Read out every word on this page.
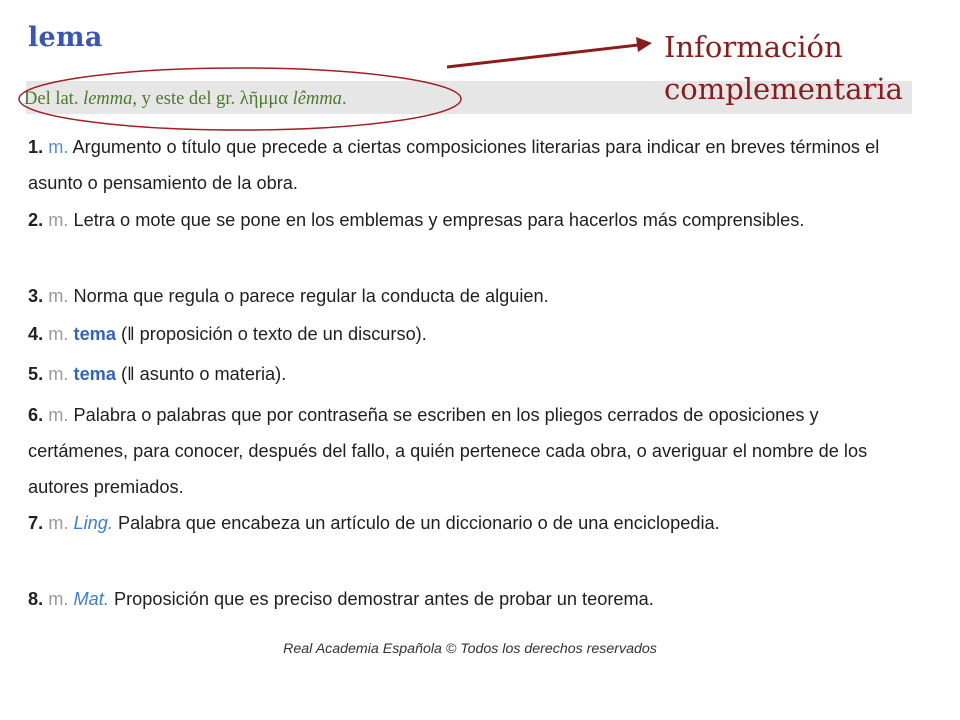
lema
Del lat. lemma, y este del gr. λῆμμα lêmma.
Información
complementaria
1. m. Argumento o título que precede a ciertas composiciones literarias para indicar en breves términos el asunto o pensamiento de la obra.
2. m. Letra o mote que se pone en los emblemas y empresas para hacerlos más comprensibles.
3. m. Norma que regula o parece regular la conducta de alguien.
4. m. tema (‖ proposición o texto de un discurso).
5. m. tema (‖ asunto o materia).
6. m. Palabra o palabras que por contraseña se escriben en los pliegos cerrados de oposiciones y certámenes, para conocer, después del fallo, a quién pertenece cada obra, o averiguar el nombre de los autores premiados.
7. m. Ling. Palabra que encabeza un artículo de un diccionario o de una enciclopedia.
8. m. Mat. Proposición que es preciso demostrar antes de probar un teorema.
Real Academia Española © Todos los derechos reservados
